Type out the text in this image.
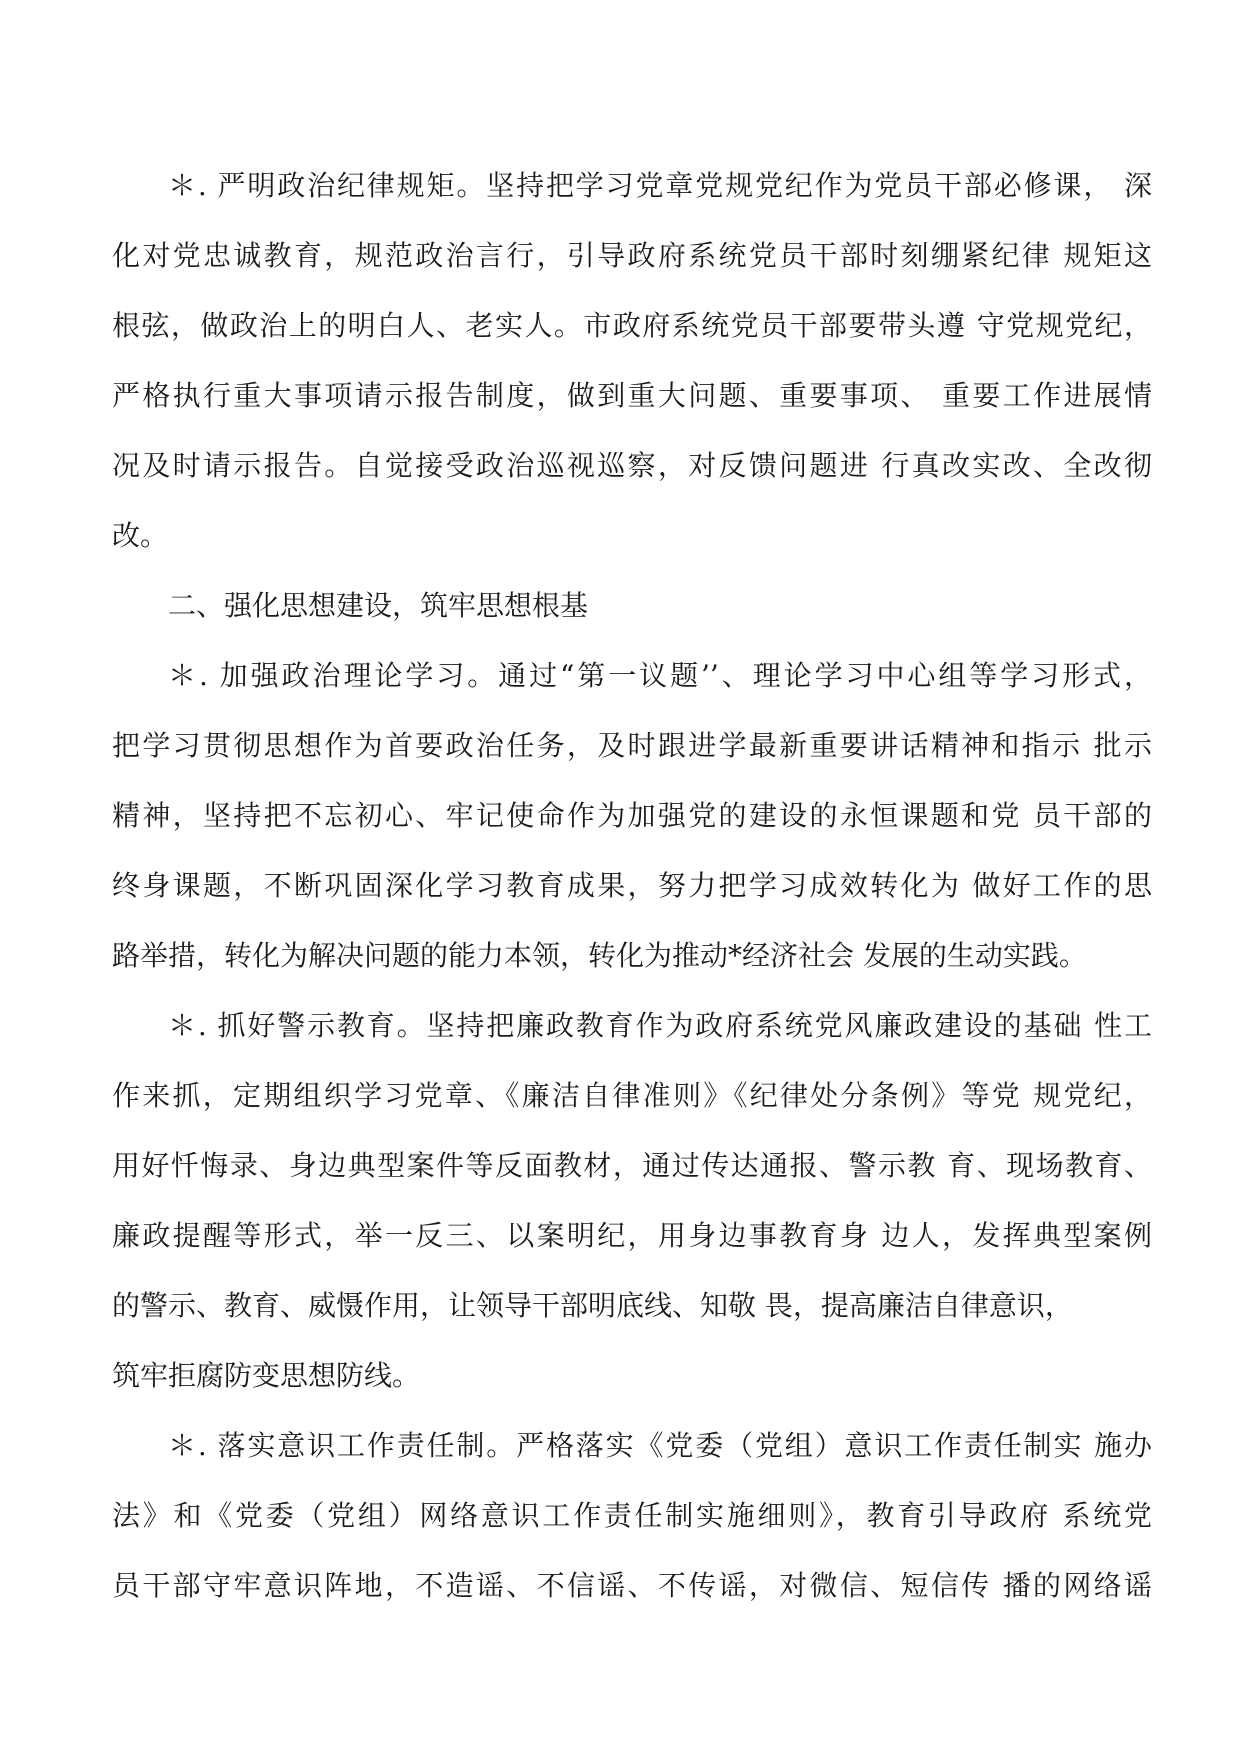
＊. 严明政治纪律规矩。坚持把学习党章党规党纪作为党员干部必修课， 深
化对党忠诚教育，规范政治言行，引导政府系统党员干部时刻绷紧纪律 规矩这
根弦，做政治上的明白人、老实人。市政府系统党员干部要带头遵 守党规党纪，
严格执行重大事项请示报告制度，做到重大问题、重要事项、 重要工作进展情
况及时请示报告。自觉接受政治巡视巡察，对反馈问题进 行真改实改、全改彻
改。
二、强化思想建设，筑牢思想根基
＊. 加强政治理论学习。通过“第一议题’’、理论学习中心组等学习形式，
把学习贯彻思想作为首要政治任务，及时跟进学最新重要讲话精神和指示 批示
精神，坚持把不忘初心、牢记使命作为加强党的建设的永恒课题和党 员干部的
终身课题，不断巩固深化学习教育成果，努力把学习成效转化为 做好工作的思
路举措，转化为解决问题的能力本领，转化为推动*经济社会 发展的生动实践。
＊. 抓好警示教育。坚持把廉政教育作为政府系统党风廉政建设的基础 性工
作来抓，定期组织学习党章、《廉洁自律准则》《纪律处分条例》等党 规党纪，
用好忏悔录、身边典型案件等反面教材，通过传达通报、警示教 育、现场教育、
廉政提醒等形式，举一反三、以案明纪，用身边事教育身 边人，发挥典型案例
的警示、教育、威慑作用，让领导干部明底线、知敬 畏，提高廉洁自律意识，
筑牢拒腐防变思想防线。
＊. 落实意识工作责任制。严格落实《党委（党组）意识工作责任制实 施办
法》和《党委（党组）网络意识工作责任制实施细则》，教育引导政府 系统党
员干部守牢意识阵地，不造谣、不信谣、不传谣，对微信、短信传 播的网络谣
